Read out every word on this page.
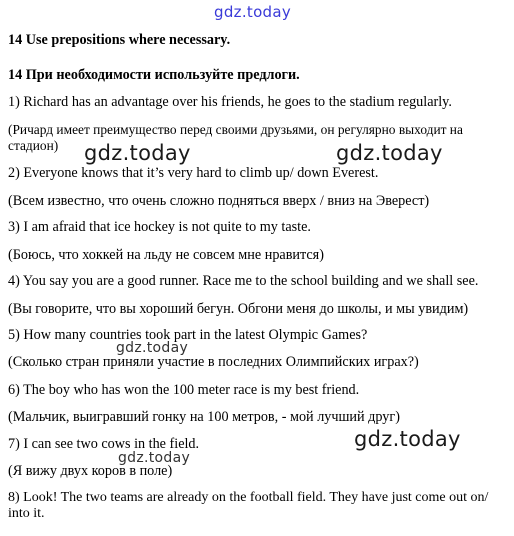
gdz.today
gdz.today	gdz.today
gdz.today
gdz.today
gdz.today
14 Use prepositions where necessary.
14 При необходимости используйте предлоги.
1) Richard has an advantage over his friends, he goes to the stadium regularly.
(Ричард имеет преимущество перед своими друзьями, он регулярно выходит на стадион)
2) Everyone knows that it’s very hard to climb up/ down Everest.
(Всем известно, что очень сложно подняться вверх / вниз на Эверест)
3) I am afraid that ice hockey is not quite to my taste.
(Боюсь, что хоккей на льду не совсем мне нравится)
4) You say you are a good runner. Race me to the school building and we shall see.
(Вы говорите, что вы хороший бегун. Обгони меня до школы, и мы увидим)
5) How many countries took part in the latest Olympic Games?
(Сколько стран приняли участие в последних Олимпийских играх?)
6) The boy who has won the 100 meter race is my best friend.
(Мальчик, выигравший гонку на 100 метров, - мой лучший друг)
7) I can see two cows in the field.
(Я вижу двух коров в поле)
8) Look! The two teams are already on the football field. They have just come out on/ into it.
